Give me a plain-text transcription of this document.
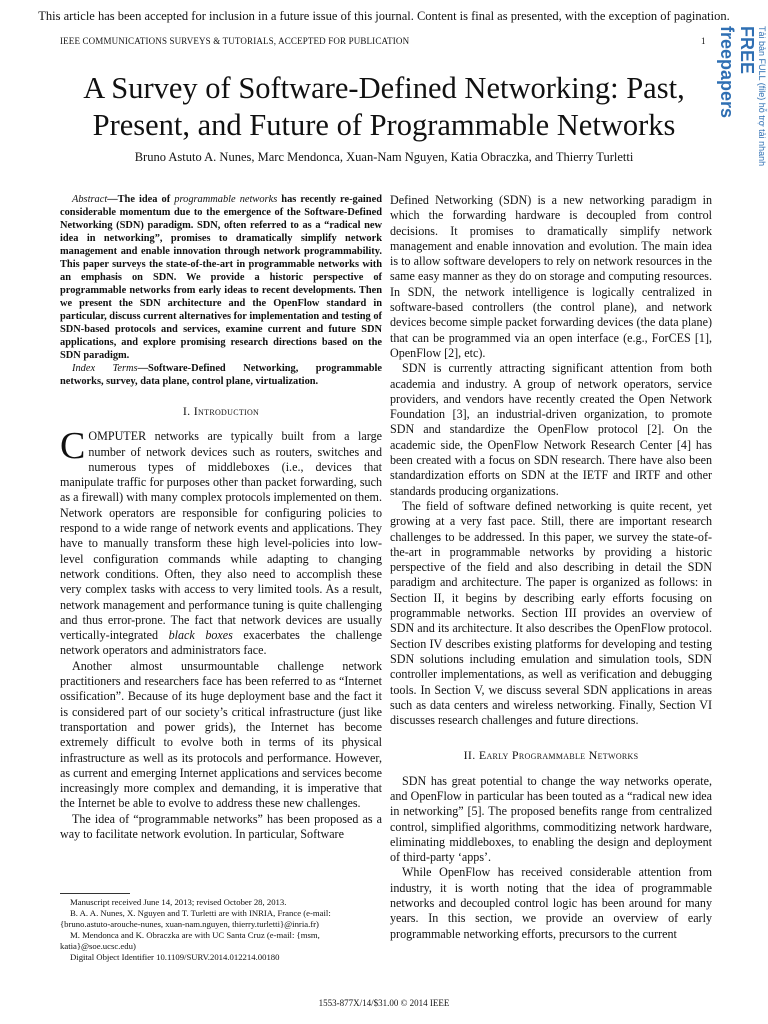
This article has been accepted for inclusion in a future issue of this journal. Content is final as presented, with the exception of pagination.
IEEE COMMUNICATIONS SURVEYS & TUTORIALS, ACCEPTED FOR PUBLICATION	1	Tải bản FULL (file) hỗ trợ tải nhanh
FREE
freepapers
A Survey of Software-Defined Networking: Past, Present, and Future of Programmable Networks
Bruno Astuto A. Nunes, Marc Mendonca, Xuan-Nam Nguyen, Katia Obraczka, and Thierry Turletti

Abstract—The idea of programmable networks has recently re-gained considerable momentum due to the emergence of the Software-Defined Networking (SDN) paradigm. SDN, often referred to as a “radical new idea in networking”, promises to dramatically simplify network management and enable innovation through network programmability. This paper surveys the state-of-the-art in programmable networks with an emphasis on SDN. We provide a historic perspective of programmable networks from early ideas to recent developments. Then we present the SDN architecture and the OpenFlow standard in particular, discuss current alternatives for implementation and testing of SDN-based protocols and services, examine current and future SDN applications, and explore promising research directions based on the SDN paradigm.

Index Terms—Software-Defined Networking, programmable networks, survey, data plane, control plane, virtualization.

I. Introduction

COMPUTER networks are typically built from a large number of network devices such as routers, switches and numerous types of middleboxes (i.e., devices that manipulate traffic for purposes other than packet forwarding, such as a firewall) with many complex protocols implemented on them. Network operators are responsible for configuring policies to respond to a wide range of network events and applications. They have to manually transform these high level-policies into low-level configuration commands while adapting to changing network conditions. Often, they also need to accomplish these very complex tasks with access to very limited tools. As a result, network management and performance tuning is quite challenging and thus error-prone. The fact that network devices are usually vertically-integrated black boxes exacerbates the challenge network operators and administrators face.

Another almost unsurmountable challenge network practitioners and researchers face has been referred to as “Internet ossification”. Because of its huge deployment base and the fact it is considered part of our society’s critical infrastructure (just like transportation and power grids), the Internet has become extremely difficult to evolve both in terms of its physical infrastructure as well as its protocols and performance. However, as current and emerging Internet applications and services become increasingly more complex and demanding, it is imperative that the Internet be able to evolve to address these new challenges.

The idea of “programmable networks” has been proposed as a way to facilitate network evolution. In particular, Software

Defined Networking (SDN) is a new networking paradigm in which the forwarding hardware is decoupled from control decisions. It promises to dramatically simplify network management and enable innovation and evolution. The main idea is to allow software developers to rely on network resources in the same easy manner as they do on storage and computing resources. In SDN, the network intelligence is logically centralized in software-based controllers (the control plane), and network devices become simple packet forwarding devices (the data plane) that can be programmed via an open interface (e.g., ForCES [1], OpenFlow [2], etc).

SDN is currently attracting significant attention from both academia and industry. A group of network operators, service providers, and vendors have recently created the Open Network Foundation [3], an industrial-driven organization, to promote SDN and standardize the OpenFlow protocol [2]. On the academic side, the OpenFlow Network Research Center [4] has been created with a focus on SDN research. There have also been standardization efforts on SDN at the IETF and IRTF and other standards producing organizations.

The field of software defined networking is quite recent, yet growing at a very fast pace. Still, there are important research challenges to be addressed. In this paper, we survey the state-of-the-art in programmable networks by providing a historic perspective of the field and also describing in detail the SDN paradigm and architecture. The paper is organized as follows: in Section II, it begins by describing early efforts focusing on programmable networks. Section III provides an overview of SDN and its architecture. It also describes the OpenFlow protocol. Section IV describes existing platforms for developing and testing SDN solutions including emulation and simulation tools, SDN controller implementations, as well as verification and debugging tools. In Section V, we discuss several SDN applications in areas such as data centers and wireless networking. Finally, Section VI discusses research challenges and future directions.

II. Early Programmable Networks

SDN has great potential to change the way networks operate, and OpenFlow in particular has been touted as a “radical new idea in networking” [5]. The proposed benefits range from centralized control, simplified algorithms, commoditizing network hardware, eliminating middleboxes, to enabling the design and deployment of third-party ‘apps’.

While OpenFlow has received considerable attention from industry, it is worth noting that the idea of programmable networks and decoupled control logic has been around for many years. In this section, we provide an overview of early programmable networking efforts, precursors to the current

Manuscript received June 14, 2013; revised October 28, 2013.
B. A. A. Nunes, X. Nguyen and T. Turletti are with INRIA, France (e-mail: {bruno.astuto-arouche-nunes, xuan-nam.nguyen, thierry.turletti}@inria.fr)
M. Mendonca and K. Obraczka are with UC Santa Cruz (e-mail: {msm, katia}@soe.ucsc.edu)
Digital Object Identifier 10.1109/SURV.2014.012214.00180
1553-877X/14/$31.00 © 2014 IEEE
